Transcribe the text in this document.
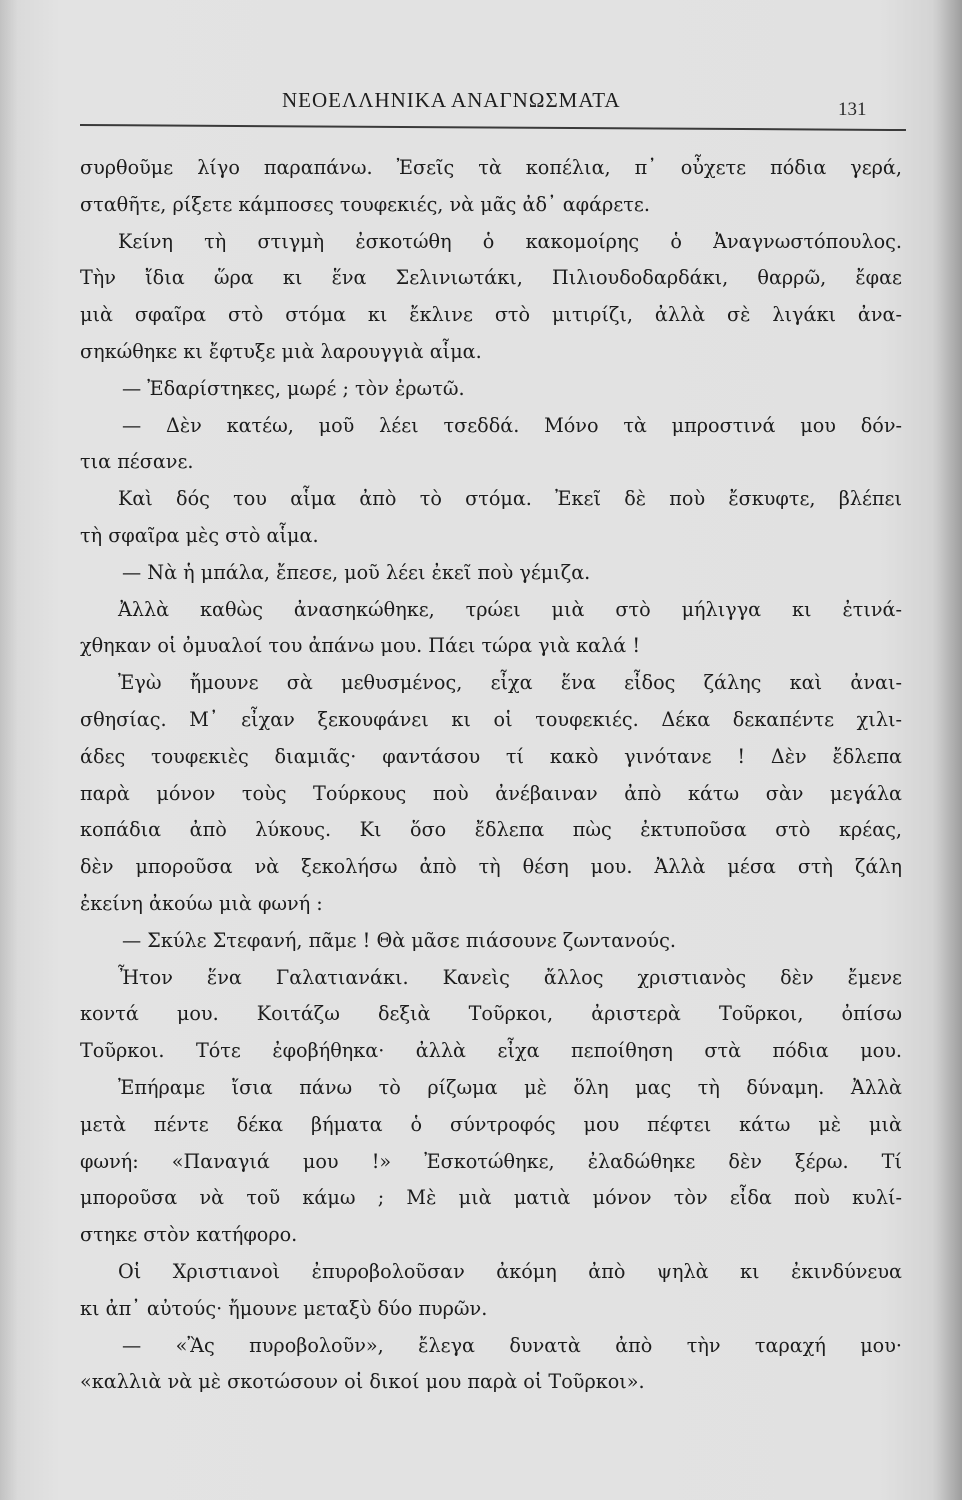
ΝΕΟΕΛΛΗΝΙΚΑ ΑΝΑΓΝΩΣΜΑΤΑ	131
συρθοῦμε λίγο παραπάνω. Ἐσεῖς τὰ κοπέλια, π᾿ οὖχετε πόδια γερά,
σταθῆτε, ρίξετε κάμποσες τουφεκιές, νὰ μᾶς ἀδ᾿ αφάρετε.
Κείνη τὴ στιγμὴ ἐσκοτώθη ὁ κακομοίρης ὁ Ἀναγνωστόπουλος.
Τὴν ἴδια ὥρα κι ἕνα Σελινιωτάκι, Πιλιουδοδαρδάκι, θαρρῶ, ἔφαε
μιὰ σφαῖρα στὸ στόμα κι ἔκλινε στὸ μιτιρίζι, ἀλλὰ σὲ λιγάκι ἀνα-
σηκώθηκε κι ἔφτυξε μιὰ λαρουγγιὰ αἷμα.
— Ἐδαρίστηκες, μωρέ ; τὸν ἐρωτῶ.
— Δὲν κατέω, μοῦ λέει τσεδδά. Μόνο τὰ μπροστινά μου δόν-
τια πέσανε.
Καὶ δός του αἷμα ἀπὸ τὸ στόμα. Ἐκεῖ δὲ ποὺ ἔσκυφτε, βλέπει
τὴ σφαῖρα μὲς στὸ αἷμα.
— Νὰ ἡ μπάλα, ἔπεσε, μοῦ λέει ἐκεῖ ποὺ γέμιζα.
Ἀλλὰ καθὼς ἀνασηκώθηκε, τρώει μιὰ στὸ μήλιγγα κι ἐτινά-
χθηκαν οἱ ὀμυαλοί του ἀπάνω μου. Πάει τώρα γιὰ καλά !
Ἐγὼ ἤμουνε σὰ μεθυσμένος, εἶχα ἕνα εἶδος ζάλης καὶ ἀναι-
σθησίας. Μ᾿ εἶχαν ξεκουφάνει κι οἱ τουφεκιές. Δέκα δεκαπέντε χιλι-
άδες τουφεκιὲς διαμιᾶς· φαντάσου τί κακὸ γινότανε ! Δὲν ἔδλεπα
παρὰ μόνον τοὺς Τούρκους ποὺ ἀνέβαιναν ἀπὸ κάτω σὰν μεγάλα
κοπάδια ἀπὸ λύκους. Κι ὅσο ἔδλεπα πὼς ἐκτυποῦσα στὸ κρέας,
δὲν μποροῦσα νὰ ξεκολήσω ἀπὸ τὴ θέση μου. Ἀλλὰ μέσα στὴ ζάλη
ἐκείνη ἀκούω μιὰ φωνή :
— Σκύλε Στεφανή, πᾶμε ! Θὰ μᾶσε πιάσουνε ζωντανούς.
Ἦτον ἕνα Γαλατιανάκι. Κανεὶς ἄλλος χριστιανὸς δὲν ἔμενε
κοντά μου. Κοιτάζω δεξιὰ Τοῦρκοι, ἀριστερὰ Τοῦρκοι, ὀπίσω
Τοῦρκοι. Τότε ἐφοβήθηκα· ἀλλὰ εἶχα πεποίθηση στὰ πόδια μου.
Ἐπήραμε ἴσια πάνω τὸ ρίζωμα μὲ ὅλη μας τὴ δύναμη. Ἀλλὰ
μετὰ πέντε δέκα βήματα ὁ σύντροφός μου πέφτει κάτω μὲ μιὰ
φωνή: «Παναγιά μου !» Ἐσκοτώθηκε, ἐλαδώθηκε δὲν ξέρω. Τί
μποροῦσα νὰ τοῦ κάμω ; Μὲ μιὰ ματιὰ μόνον τὸν εἶδα ποὺ κυλί-
στηκε στὸν κατήφορο.
Οἱ Χριστιανοὶ ἐπυροβολοῦσαν ἀκόμη ἀπὸ ψηλὰ κι ἐκινδύνευα
κι ἀπ᾿ αὐτούς· ἤμουνε μεταξὺ δύο πυρῶν.
— «Ἂς πυροβολοῦν», ἔλεγα δυνατὰ ἀπὸ τὴν ταραχή μου·
«καλλιὰ νὰ μὲ σκοτώσουν οἱ δικοί μου παρὰ οἱ Τοῦρκοι».
